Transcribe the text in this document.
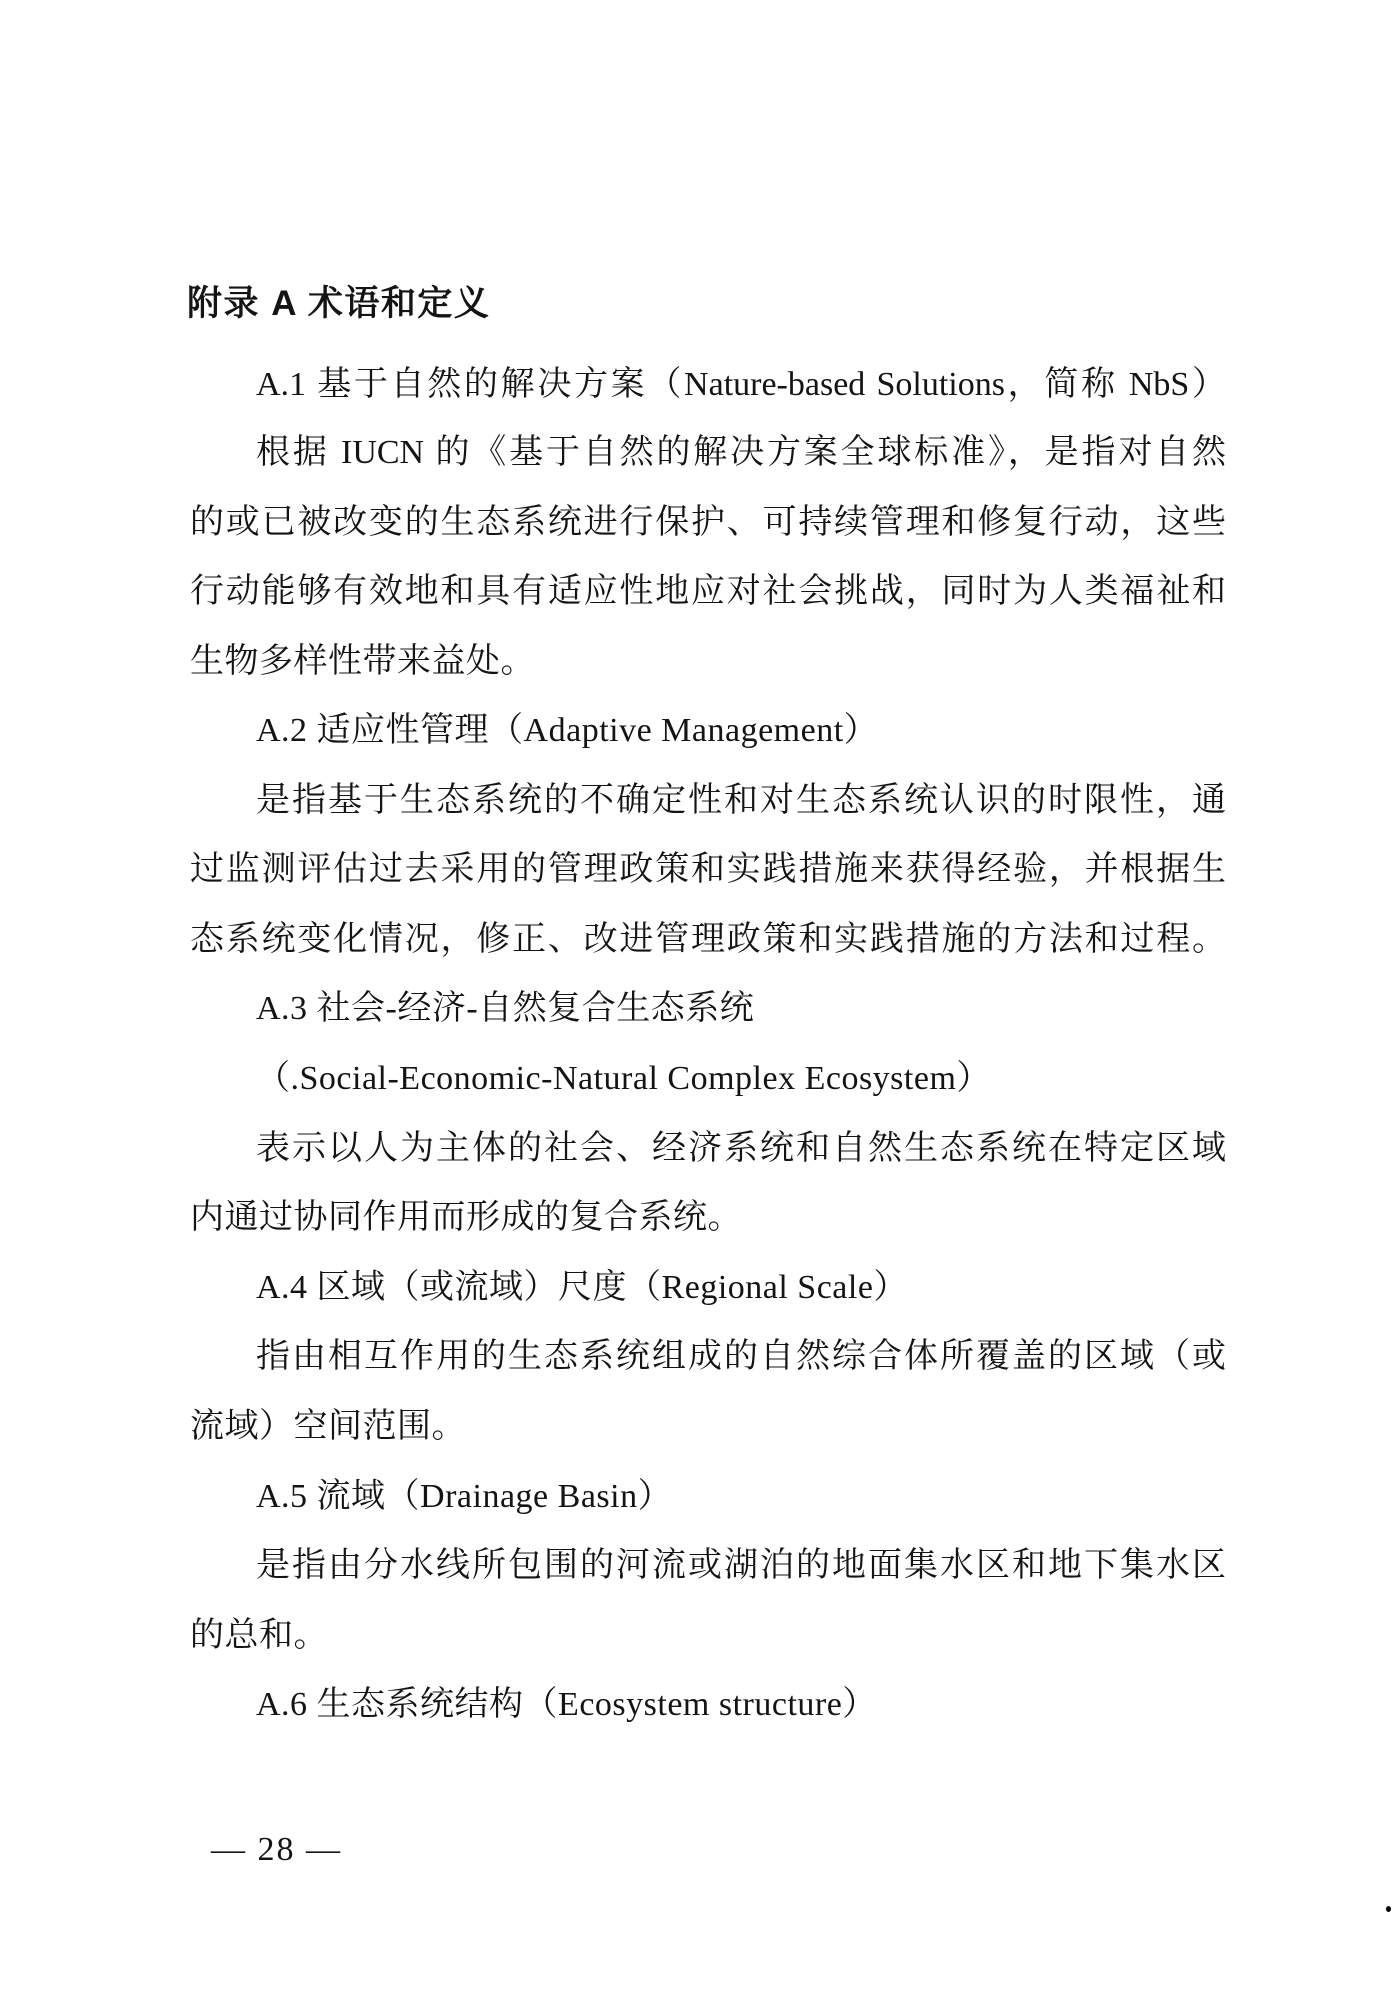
附录 A 术语和定义
A.1 基于自然的解决方案（Nature-based Solutions，简称 NbS）
根据 IUCN 的《基于自然的解决方案全球标准》，是指对自然
的或已被改变的生态系统进行保护、可持续管理和修复行动，这些
行动能够有效地和具有适应性地应对社会挑战，同时为人类福祉和
生物多样性带来益处。
A.2 适应性管理（Adaptive Management）
是指基于生态系统的不确定性和对生态系统认识的时限性，通
过监测评估过去采用的管理政策和实践措施来获得经验，并根据生
态系统变化情况，修正、改进管理政策和实践措施的方法和过程。
A.3 社会-经济-自然复合生态系统
（.Social-Economic-Natural Complex Ecosystem）
表示以人为主体的社会、经济系统和自然生态系统在特定区域
内通过协同作用而形成的复合系统。
A.4 区域（或流域）尺度（Regional Scale）
指由相互作用的生态系统组成的自然综合体所覆盖的区域（或
流域）空间范围。
A.5 流域（Drainage Basin）
是指由分水线所包围的河流或湖泊的地面集水区和地下集水区
的总和。
A.6 生态系统结构（Ecosystem structure）
— 28 —
